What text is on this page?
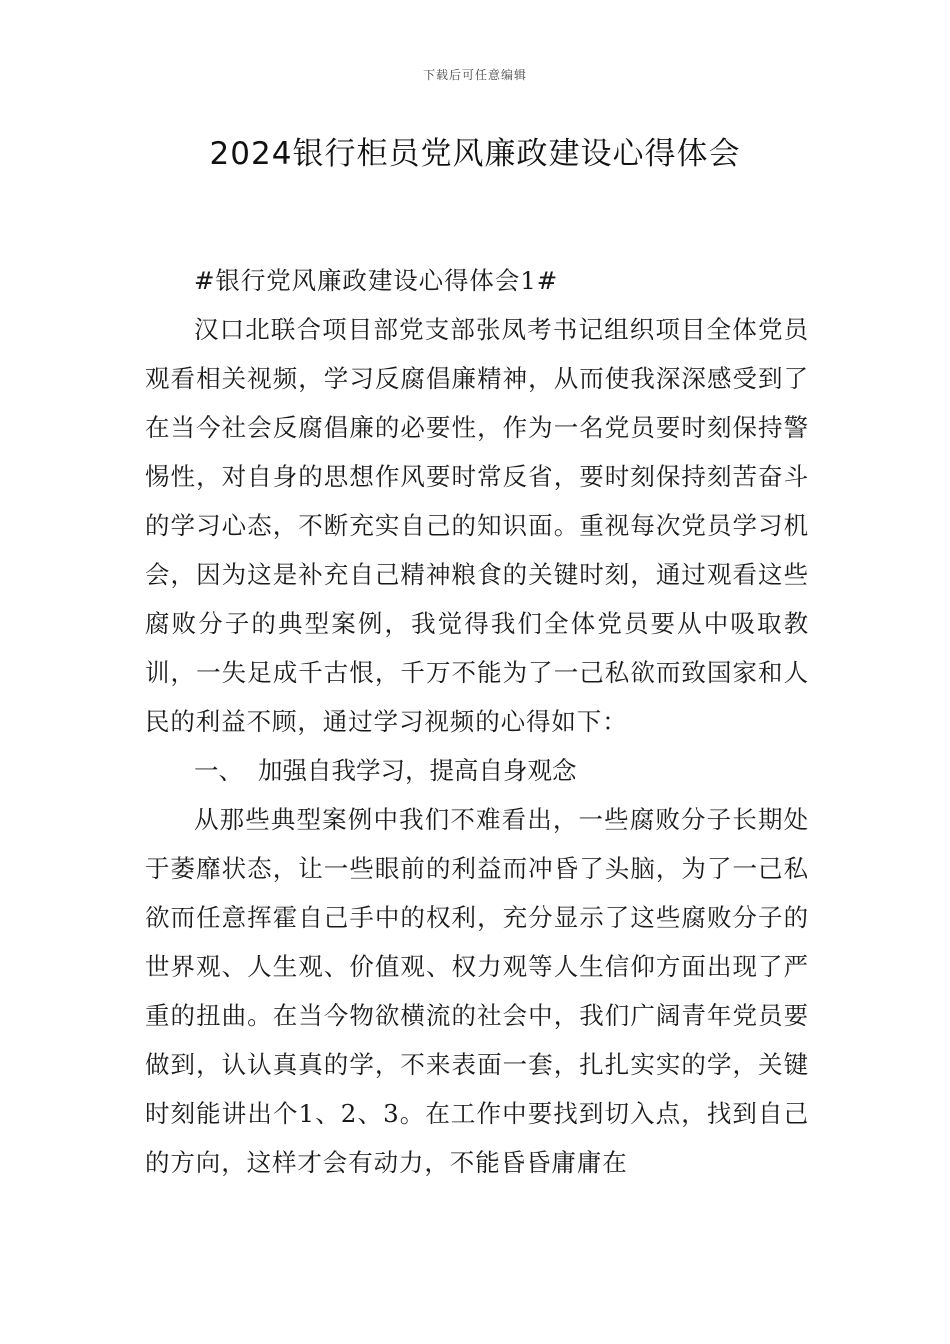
下载后可任意编辑
2024银行柜员党风廉政建设心得体会

#银行党风廉政建设心得体会1#

汉口北联合项目部党支部张凤考书记组织项目全体党员观看相关视频，学习反腐倡廉精神，从而使我深深感受到了在当今社会反腐倡廉的必要性，作为一名党员要时刻保持警惕性，对自身的思想作风要时常反省，要时刻保持刻苦奋斗的学习心态，不断充实自己的知识面。重视每次党员学习机会，因为这是补充自己精神粮食的关键时刻，通过观看这些腐败分子的典型案例，我觉得我们全体党员要从中吸取教训，一失足成千古恨，千万不能为了一己私欲而致国家和人民的利益不顾，通过学习视频的心得如下：

一、 加强自我学习，提高自身观念

从那些典型案例中我们不难看出，一些腐败分子长期处于萎靡状态，让一些眼前的利益而冲昏了头脑，为了一己私欲而任意挥霍自己手中的权利，充分显示了这些腐败分子的世界观、人生观、价值观、权力观等人生信仰方面出现了严重的扭曲。在当今物欲横流的社会中，我们广阔青年党员要做到，认认真真的学，不来表面一套，扎扎实实的学，关键时刻能讲出个1、2、3。在工作中要找到切入点，找到自己的方向，这样才会有动力，不能昏昏庸庸在
